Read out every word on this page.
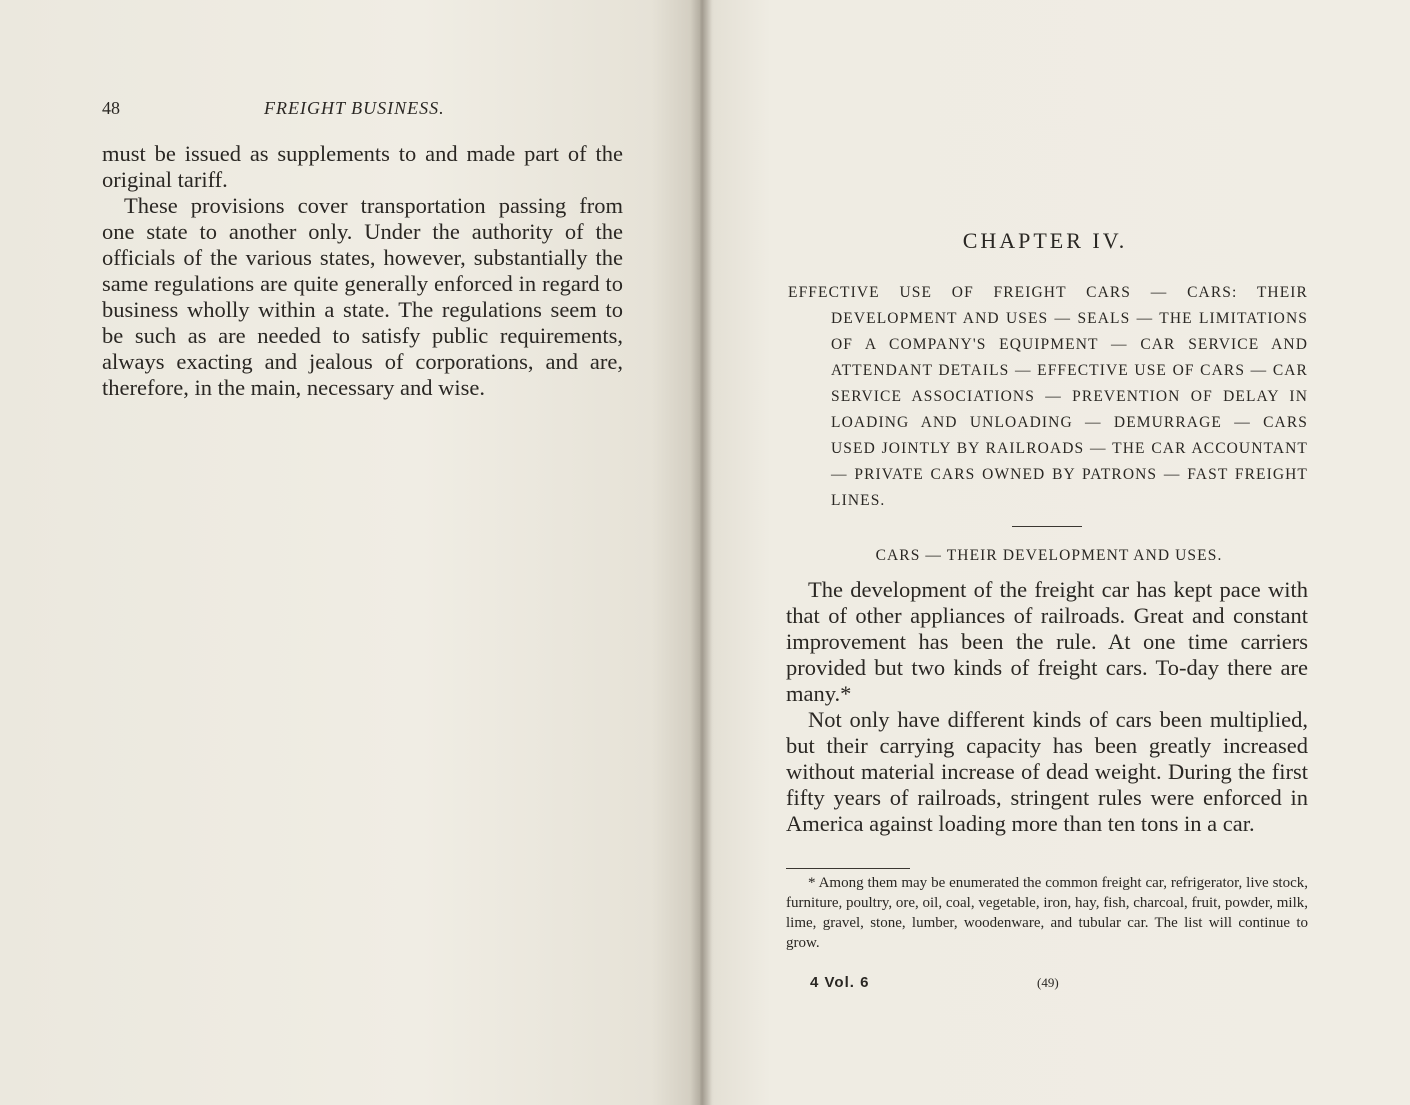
48	FREIGHT BUSINESS.

must be issued as supplements to and made part of the original tariff.

These provisions cover transportation passing from one state to another only. Under the authority of the officials of the various states, however, substantially the same regulations are quite generally enforced in regard to business wholly within a state. The regulations seem to be such as are needed to satisfy public requirements, always exacting and jealous of corporations, and are, therefore, in the main, necessary and wise.

CHAPTER IV.
EFFECTIVE USE OF FREIGHT CARS — CARS: THEIR DEVELOPMENT AND USES — SEALS — THE LIMITATIONS OF A COMPANY'S EQUIPMENT — CAR SERVICE AND ATTENDANT DETAILS — EFFECTIVE USE OF CARS — CAR SERVICE ASSOCIATIONS — PREVENTION OF DELAY IN LOADING AND UNLOADING — DEMURRAGE — CARS USED JOINTLY BY RAILROADS — THE CAR ACCOUNTANT — PRIVATE CARS OWNED BY PATRONS — FAST FREIGHT LINES.
CARS — THEIR DEVELOPMENT AND USES.

The development of the freight car has kept pace with that of other appliances of railroads. Great and constant improvement has been the rule. At one time carriers provided but two kinds of freight cars. To-day there are many.*

Not only have different kinds of cars been multiplied, but their carrying capacity has been greatly increased without material increase of dead weight. During the first fifty years of railroads, stringent rules were enforced in America against loading more than ten tons in a car.

* Among them may be enumerated the common freight car, refrigerator, live stock, furniture, poultry, ore, oil, coal, vegetable, iron, hay, fish, charcoal, fruit, powder, milk, lime, gravel, stone, lumber, woodenware, and tubular car. The list will continue to grow.

4 Vol. 6	(49)
